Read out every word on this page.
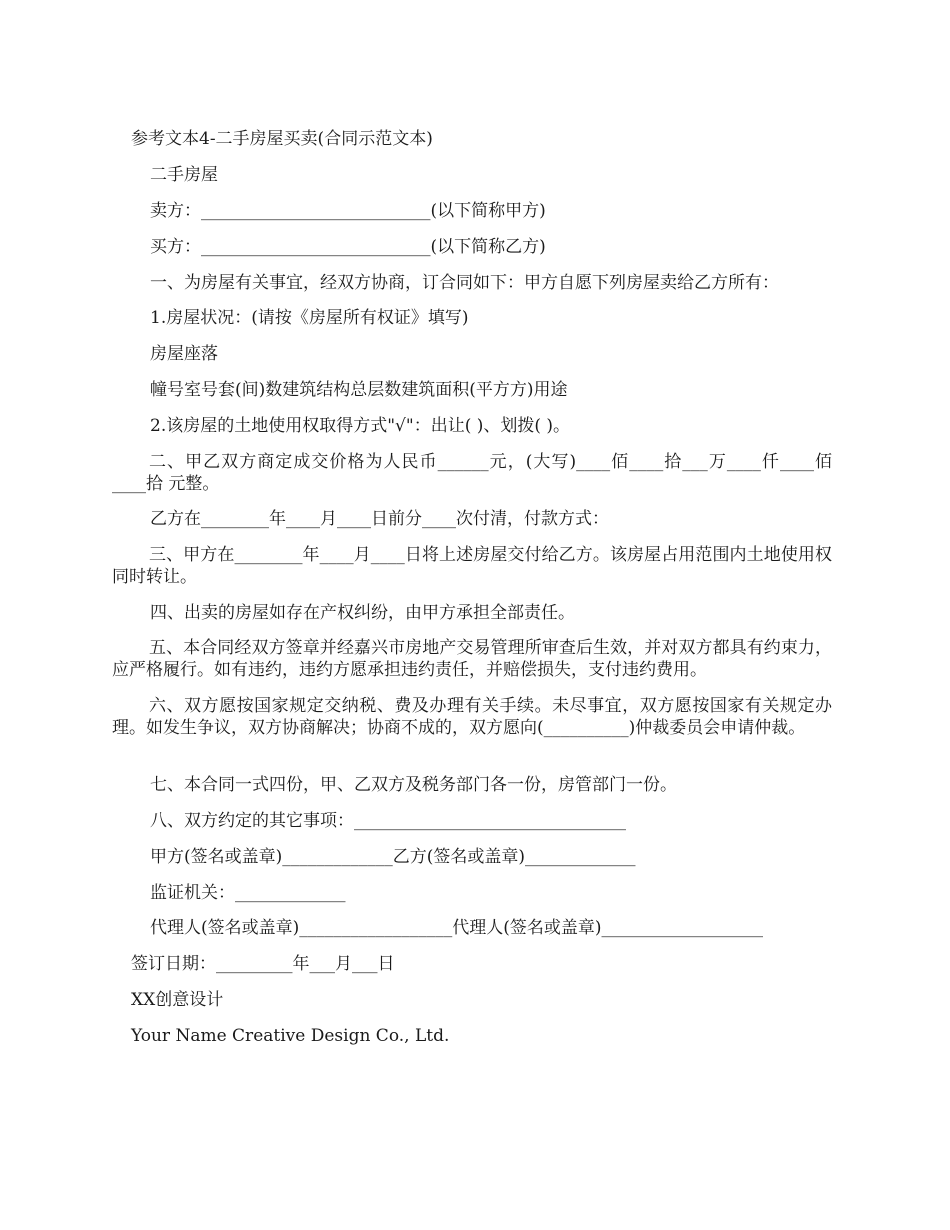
参考文本4-二手房屋买卖(合同示范文本)
二手房屋
卖方：___________________________(以下简称甲方)
买方：___________________________(以下简称乙方)
一、为房屋有关事宜，经双方协商，订合同如下：甲方自愿下列房屋卖给乙方所有：
1.房屋状况：(请按《房屋所有权证》填写)
房屋座落
幢号室号套(间)数建筑结构总层数建筑面积(平方方)用途
2.该房屋的土地使用权取得方式"√"：出让( )、划拨( )。
二、甲乙双方商定成交价格为人民币______元，(大写)____佰____拾___万____仟____佰____拾 元整。
乙方在________年____月____日前分____次付清，付款方式：
三、甲方在________年____月____日将上述房屋交付给乙方。该房屋占用范围内土地使用权同时转让。
四、出卖的房屋如存在产权纠纷，由甲方承担全部责任。
五、本合同经双方签章并经嘉兴市房地产交易管理所审查后生效，并对双方都具有约束力，应严格履行。如有违约，违约方愿承担违约责任，并赔偿损失，支付违约费用。
六、双方愿按国家规定交纳税、费及办理有关手续。未尽事宜，双方愿按国家有关规定办理。如发生争议，双方协商解决；协商不成的，双方愿向(__________)仲裁委员会申请仲裁。
七、本合同一式四份，甲、乙双方及税务部门各一份，房管部门一份。
八、双方约定的其它事项：________________________________
甲方(签名或盖章)_____________乙方(签名或盖章)_____________
监证机关：_____________
代理人(签名或盖章)__________________代理人(签名或盖章)___________________
签订日期：_________年___月___日
XX创意设计
Your Name Creative Design Co., Ltd.
